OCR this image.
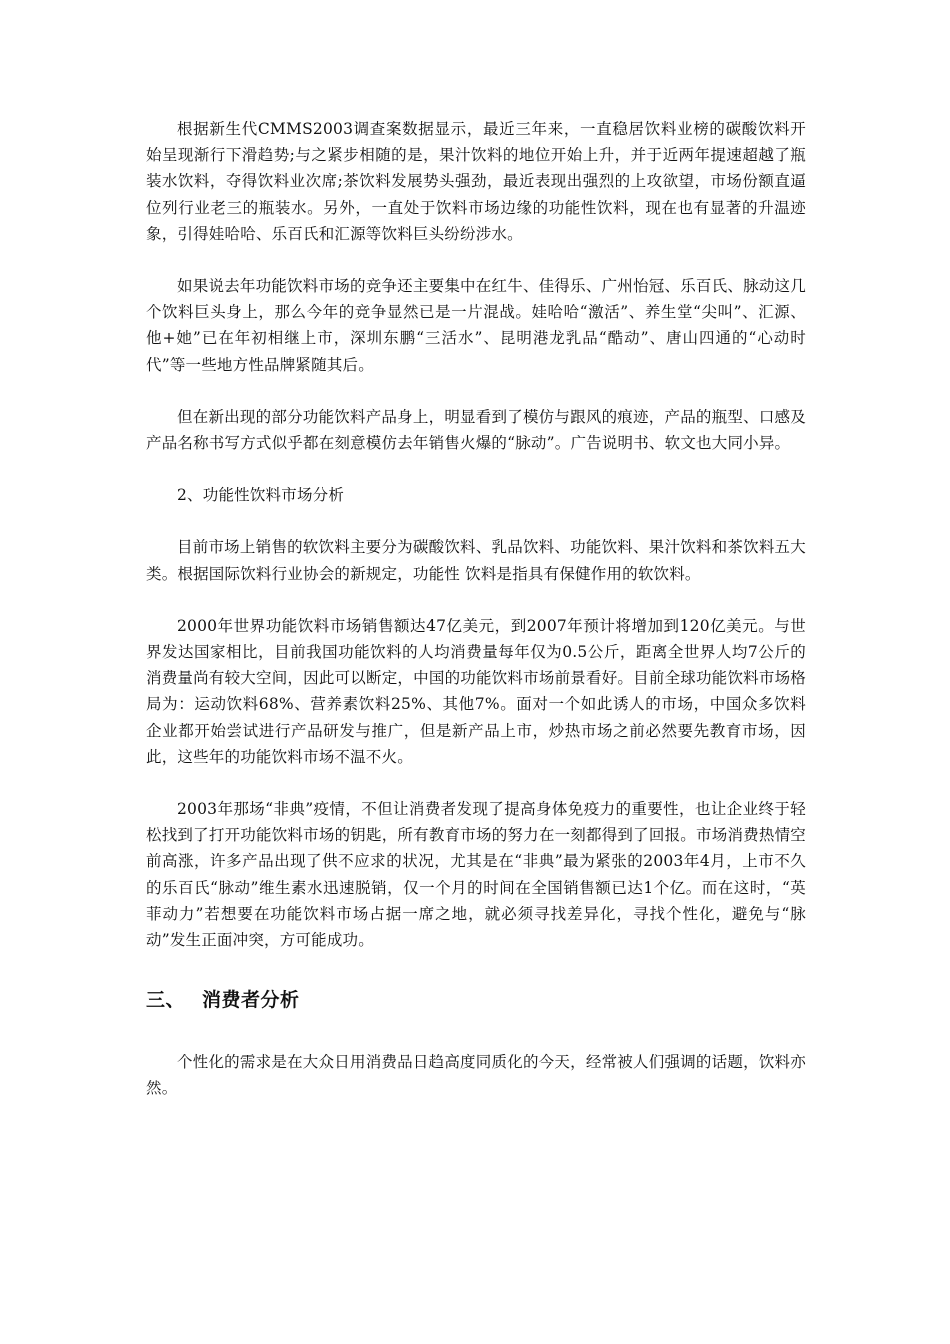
根据新生代CMMS2003调查案数据显示，最近三年来，一直稳居饮料业榜的碳酸饮料开始呈现渐行下滑趋势;与之紧步相随的是，果汁饮料的地位开始上升，并于近两年提速超越了瓶装水饮料，夺得饮料业次席;茶饮料发展势头强劲，最近表现出强烈的上攻欲望，市场份额直逼位列行业老三的瓶装水。另外，一直处于饮料市场边缘的功能性饮料，现在也有显著的升温迹象，引得娃哈哈、乐百氏和汇源等饮料巨头纷纷涉水。

如果说去年功能饮料市场的竞争还主要集中在红牛、佳得乐、广州怡冠、乐百氏、脉动这几个饮料巨头身上，那么今年的竞争显然已是一片混战。娃哈哈“激活”、养生堂“尖叫”、汇源、他+她”已在年初相继上市，深圳东鹏“三活水”、昆明港龙乳品“酷动”、唐山四通的“心动时代”等一些地方性品牌紧随其后。

但在新出现的部分功能饮料产品身上，明显看到了模仿与跟风的痕迹，产品的瓶型、口感及产品名称书写方式似乎都在刻意模仿去年销售火爆的“脉动”。广告说明书、软文也大同小异。

2、功能性饮料市场分析

目前市场上销售的软饮料主要分为碳酸饮料、乳品饮料、功能饮料、果汁饮料和茶饮料五大类。根据国际饮料行业协会的新规定，功能性 饮料是指具有保健作用的软饮料。

2000年世界功能饮料市场销售额达47亿美元，到2007年预计将增加到120亿美元。与世界发达国家相比，目前我国功能饮料的人均消费量每年仅为0.5公斤，距离全世界人均7公斤的消费量尚有较大空间，因此可以断定，中国的功能饮料市场前景看好。目前全球功能饮料市场格局为：运动饮料68%、营养素饮料25%、其他7%。面对一个如此诱人的市场，中国众多饮料企业都开始尝试进行产品研发与推广，但是新产品上市，炒热市场之前必然要先教育市场，因此，这些年的功能饮料市场不温不火。

2003年那场“非典”疫情，不但让消费者发现了提高身体免疫力的重要性，也让企业终于轻松找到了打开功能饮料市场的钥匙，所有教育市场的努力在一刻都得到了回报。市场消费热情空前高涨，许多产品出现了供不应求的状况，尤其是在“非典”最为紧张的2003年4月，上市不久的乐百氏“脉动”维生素水迅速脱销，仅一个月的时间在全国销售额已达1个亿。而在这时，“英菲动力”若想要在功能饮料市场占据一席之地，就必须寻找差异化，寻找个性化，避免与“脉动”发生正面冲突，方可能成功。

三、 消费者分析

个性化的需求是在大众日用消费品日趋高度同质化的今天，经常被人们强调的话题，饮料亦然。
